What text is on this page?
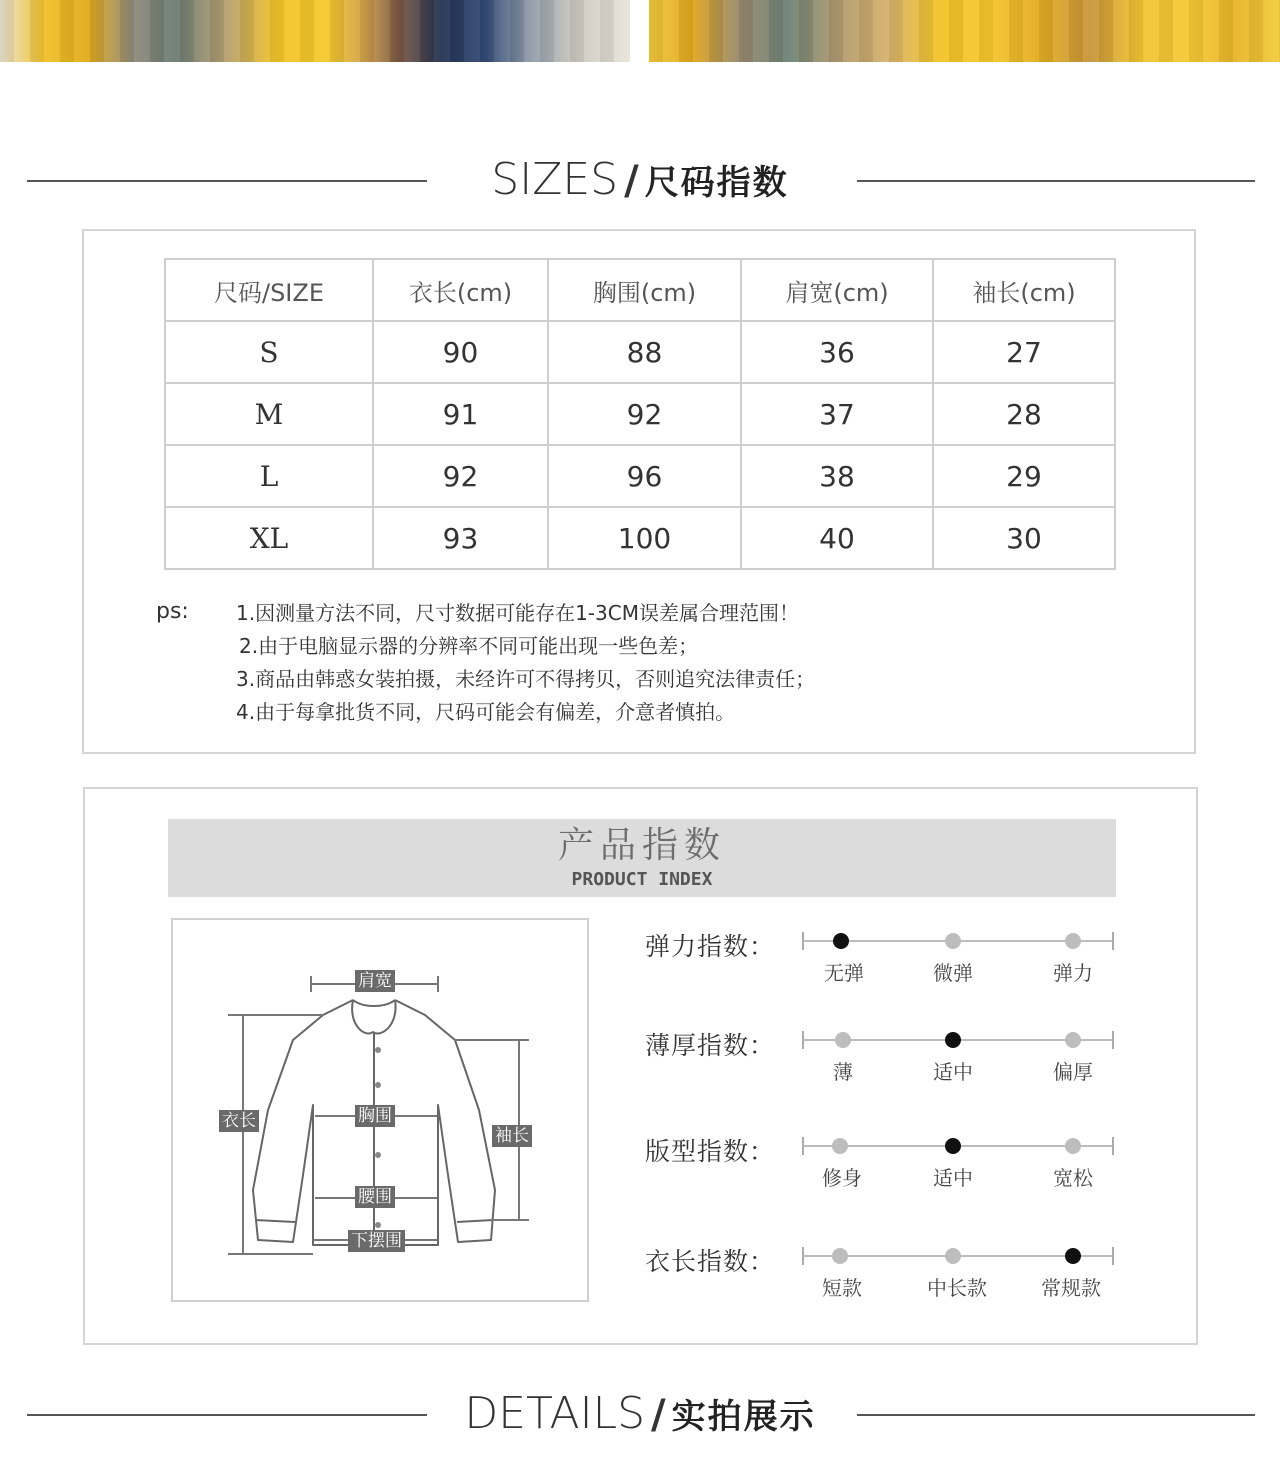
SIZES / 尺码指数
尺码/SIZE	衣长(cm)	胸围(cm)	肩宽(cm)	袖长(cm)
S	90	88	36	27
M	91	92	37	28
L	92	96	38	29
XL	93	100	40	30
ps: 1.因测量方法不同，尺寸数据可能存在1-3CM误差属合理范围！
2.由于电脑显示器的分辨率不同可能出现一些色差；
3.商品由韩惑女装拍摄，未经许可不得拷贝，否则追究法律责任；
4.由于每拿批货不同，尺码可能会有偏差，介意者慎拍。
产品指数
PRODUCT INDEX
肩宽
衣长	胸围
袖长
腰围
下摆围
弹力指数：
无弹	微弹	弹力
薄厚指数：
薄	适中	偏厚
版型指数：
修身	适中	宽松
衣长指数：
短款	中长款	常规款
DETAILS / 实拍展示
